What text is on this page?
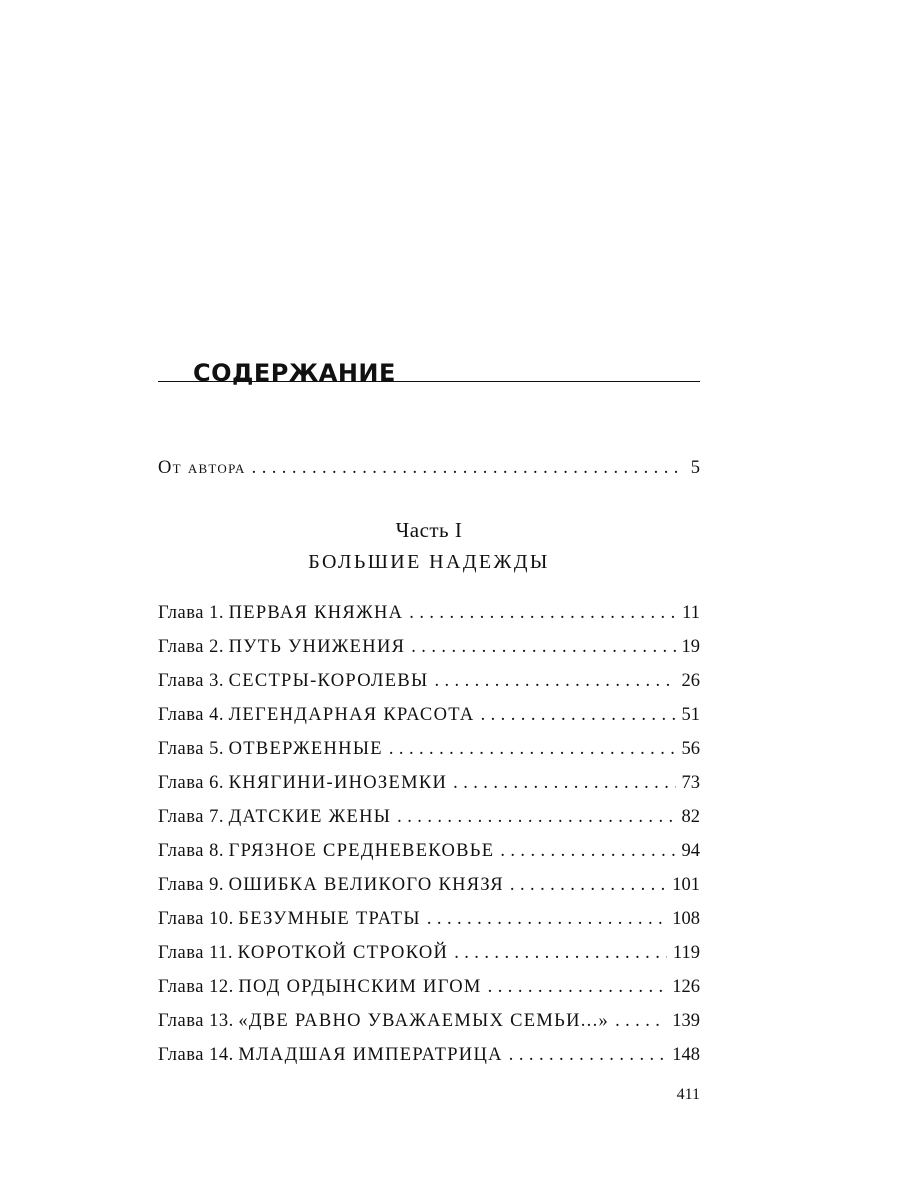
СОДЕРЖАНИЕ
От автора . . .	5
Часть I
БОЛЬШИЕ НАДЕЖДЫ
Глава 1. ПЕРВАЯ КНЯЖНА . . .	11
Глава 2. ПУТЬ УНИЖЕНИЯ . . .	19
Глава 3. СЕСТРЫ-КОРОЛЕВЫ . . .	26
Глава 4. ЛЕГЕНДАРНАЯ КРАСОТА . . .	51
Глава 5. ОТВЕРЖЕННЫЕ . . .	56
Глава 6. КНЯГИНИ-ИНОЗЕМКИ . . .	73
Глава 7. ДАТСКИЕ ЖЕНЫ . . .	82
Глава 8. ГРЯЗНОЕ СРЕДНЕВЕКОВЬЕ . . .	94
Глава 9. ОШИБКА ВЕЛИКОГО КНЯЗЯ . . .	101
Глава 10. БЕЗУМНЫЕ ТРАТЫ . . .	108
Глава 11. КОРОТКОЙ СТРОКОЙ . . .	119
Глава 12. ПОД ОРДЫНСКИМ ИГОМ . . .	126
Глава 13. «ДВЕ РАВНО УВАЖАЕМЫХ СЕМЬИ...» . . .	139
Глава 14. МЛАДШАЯ ИМПЕРАТРИЦА . . .	148
411
